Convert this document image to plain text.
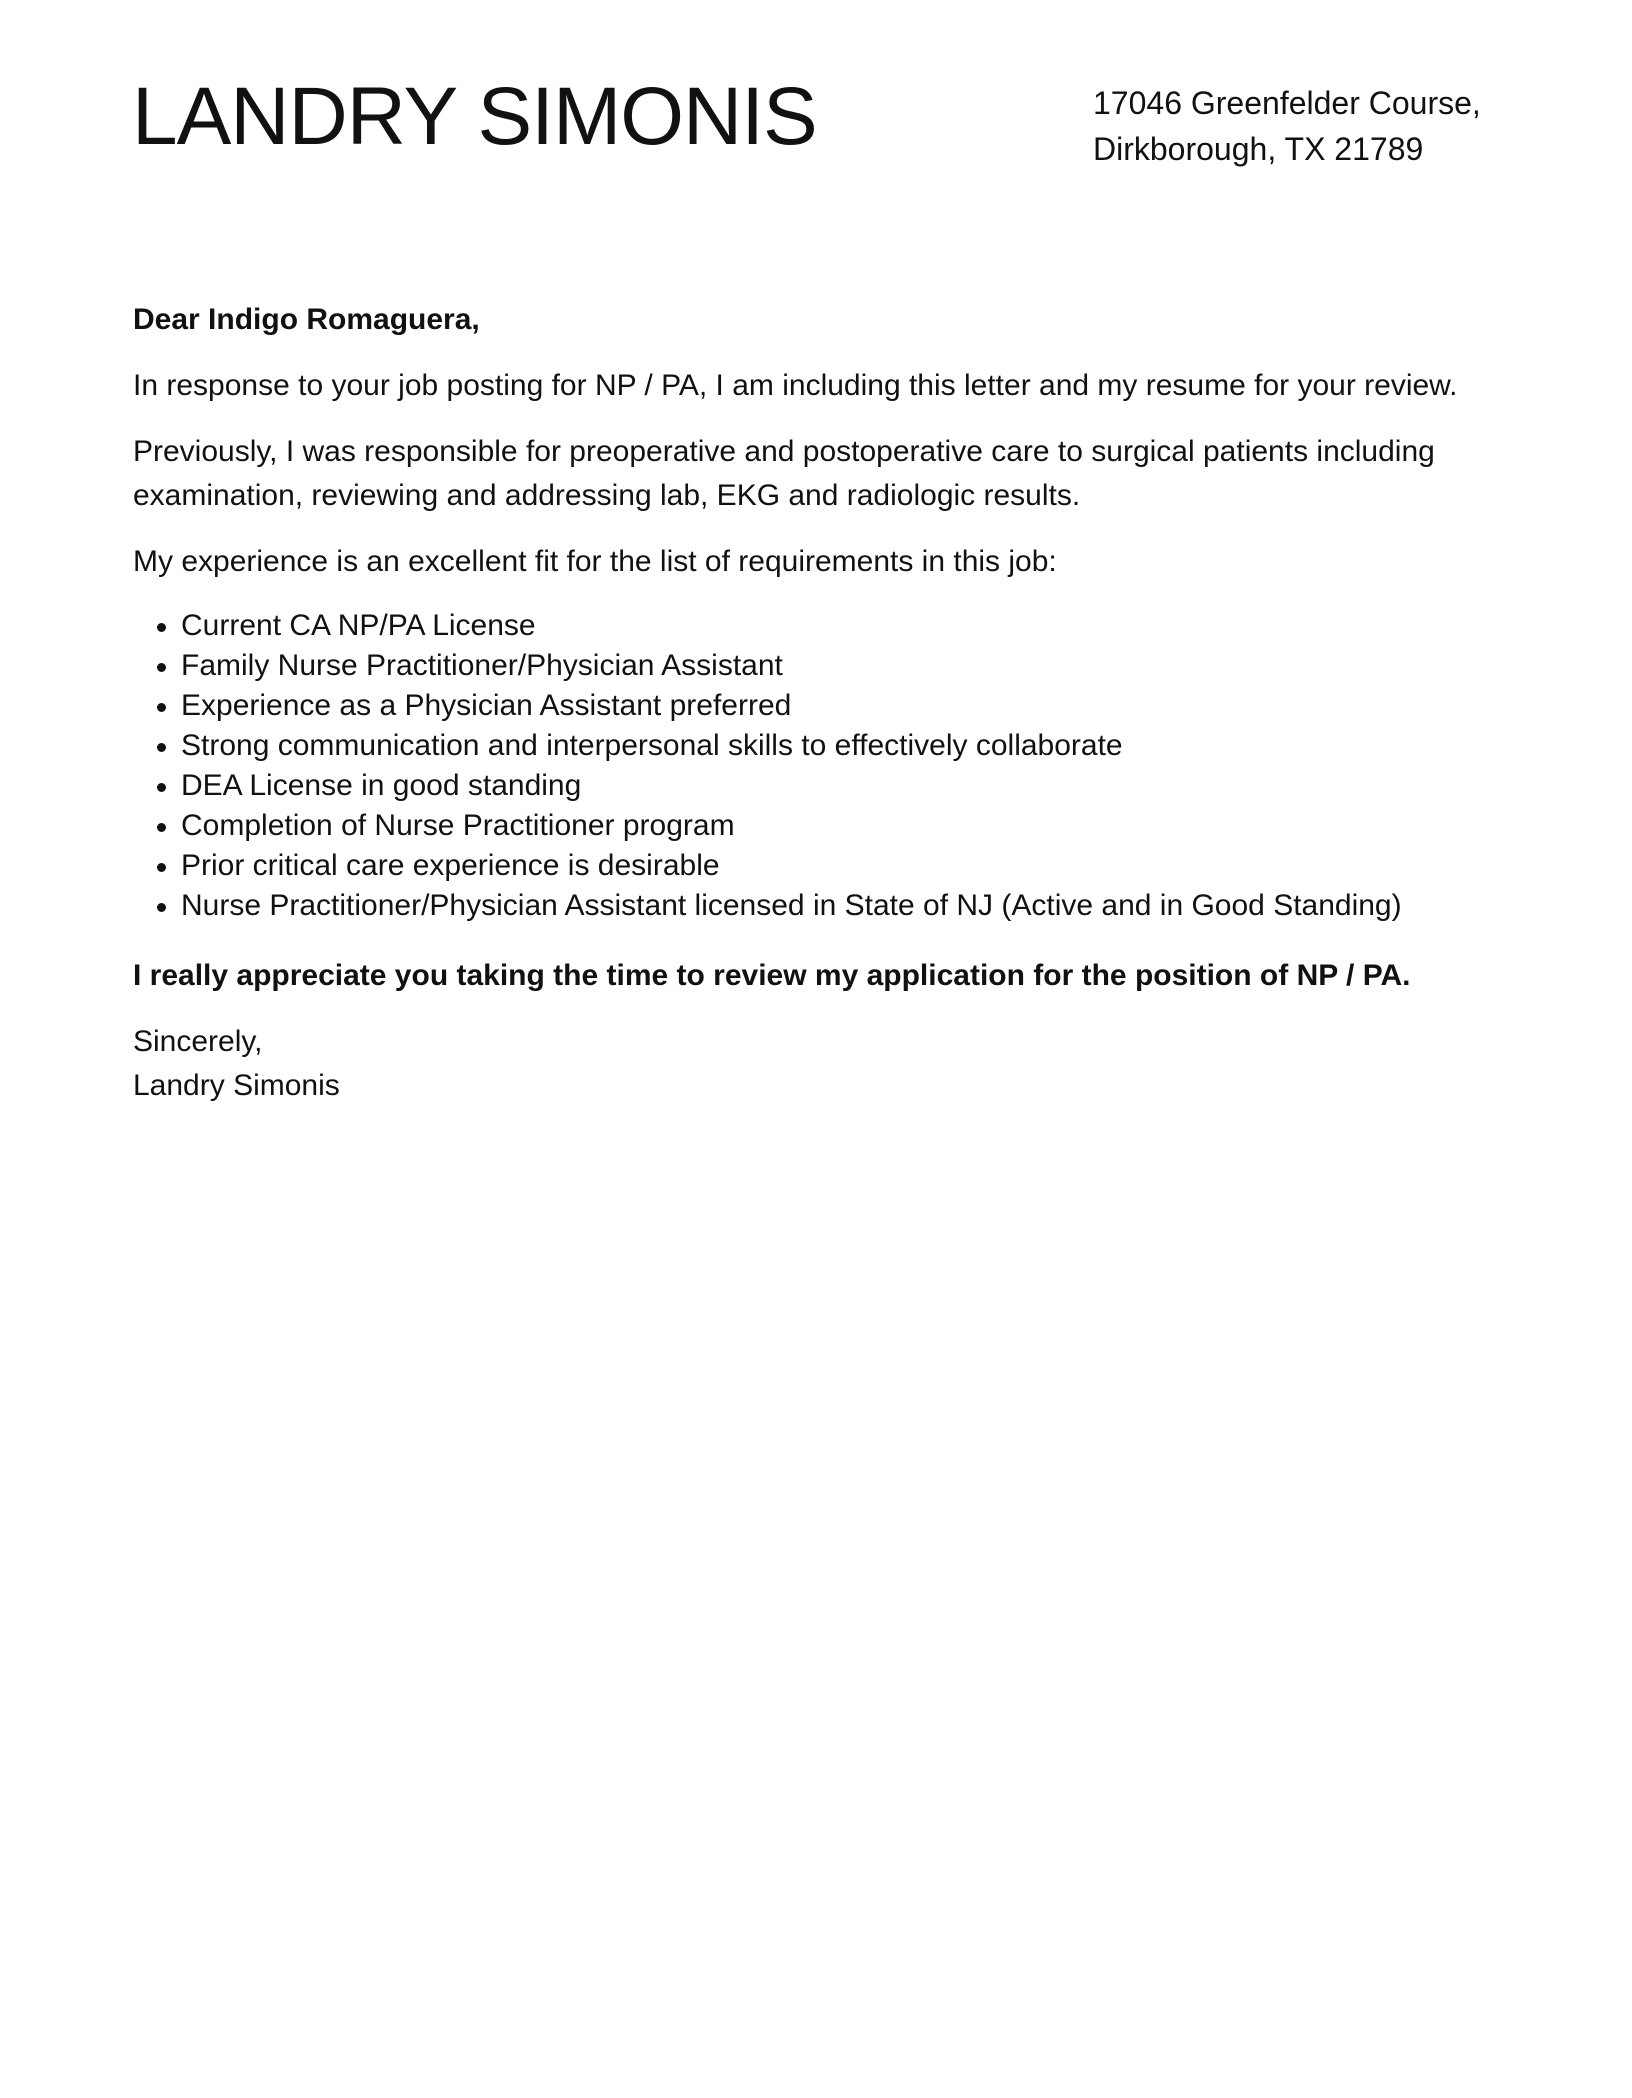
LANDRY SIMONIS	17046 Greenfelder Course,
Dirkborough, TX 21789

Dear Indigo Romaguera,

In response to your job posting for NP / PA, I am including this letter and my resume for your review.

Previously, I was responsible for preoperative and postoperative care to surgical patients including examination, reviewing and addressing lab, EKG and radiologic results.

My experience is an excellent fit for the list of requirements in this job:

Current CA NP/PA License
Family Nurse Practitioner/Physician Assistant
Experience as a Physician Assistant preferred
Strong communication and interpersonal skills to effectively collaborate
DEA License in good standing
Completion of Nurse Practitioner program
Prior critical care experience is desirable
Nurse Practitioner/Physician Assistant licensed in State of NJ (Active and in Good Standing)

I really appreciate you taking the time to review my application for the position of NP / PA.

Sincerely,
Landry Simonis
